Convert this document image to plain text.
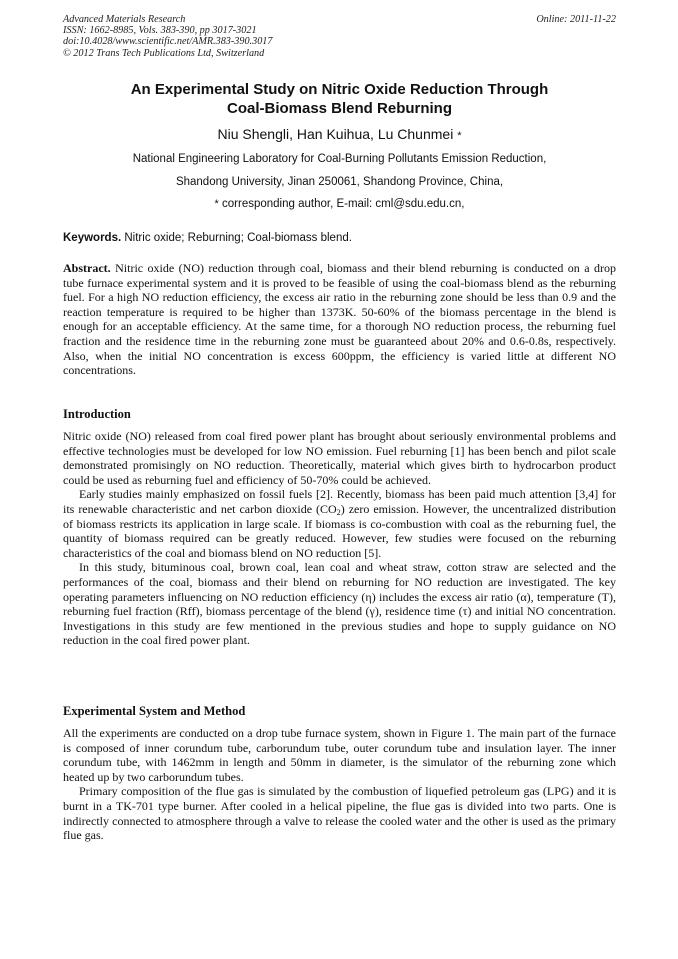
Advanced Materials Research
ISSN: 1662-8985, Vols. 383-390, pp 3017-3021
doi:10.4028/www.scientific.net/AMR.383-390.3017
© 2012 Trans Tech Publications Ltd, Switzerland
Online: 2011-11-22
An Experimental Study on Nitric Oxide Reduction Through
Coal-Biomass Blend Reburning
Niu Shengli, Han Kuihua, Lu Chunmei *
National Engineering Laboratory for Coal-Burning Pollutants Emission Reduction,
Shandong University, Jinan 250061, Shandong Province, China,
* corresponding author, E-mail: cml@sdu.edu.cn,
Keywords. Nitric oxide; Reburning; Coal-biomass blend.

Abstract. Nitric oxide (NO) reduction through coal, biomass and their blend reburning is conducted on a drop tube furnace experimental system and it is proved to be feasible of using the coal-biomass blend as the reburning fuel. For a high NO reduction efficiency, the excess air ratio in the reburning zone should be less than 0.9 and the reaction temperature is required to be higher than 1373K. 50-60% of the biomass percentage in the blend is enough for an acceptable efficiency. At the same time, for a thorough NO reduction process, the reburning fuel fraction and the residence time in the reburning zone must be guaranteed about 20% and 0.6-0.8s, respectively. Also, when the initial NO concentration is excess 600ppm, the efficiency is varied little at different NO concentrations.

Introduction

Nitric oxide (NO) released from coal fired power plant has brought about seriously environmental problems and effective technologies must be developed for low NO emission. Fuel reburning [1] has been bench and pilot scale demonstrated promisingly on NO reduction. Theoretically, material which gives birth to hydrocarbon product could be used as reburning fuel and efficiency of 50-70% could be achieved.

Early studies mainly emphasized on fossil fuels [2]. Recently, biomass has been paid much attention [3,4] for its renewable characteristic and net carbon dioxide $(CO_2)$ zero emission. However, the uncentralized distribution of biomass restricts its application in large scale. If biomass is co-combustion with coal as the reburning fuel, the quantity of biomass required can be greatly reduced. However, few studies were focused on the reburning characteristics of the coal and biomass blend on NO reduction [5].

In this study, bituminous coal, brown coal, lean coal and wheat straw, cotton straw are selected and the performances of the coal, biomass and their blend on reburning for NO reduction are investigated. The key operating parameters influencing on NO reduction efficiency (η) includes the excess air ratio (α), temperature (T), reburning fuel fraction (Rff), biomass percentage of the blend (γ), residence time (τ) and initial NO concentration. Investigations in this study are few mentioned in the previous studies and hope to supply guidance on NO reduction in the coal fired power plant.

Experimental System and Method

All the experiments are conducted on a drop tube furnace system, shown in Figure 1. The main part of the furnace is composed of inner corundum tube, carborundum tube, outer corundum tube and insulation layer. The inner corundum tube, with 1462mm in length and 50mm in diameter, is the simulator of the reburning zone which heated up by two carborundum tubes.

Primary composition of the flue gas is simulated by the combustion of liquefied petroleum gas (LPG) and it is burnt in a TK-701 type burner. After cooled in a helical pipeline, the flue gas is divided into two parts. One is indirectly connected to atmosphere through a valve to release the cooled water and the other is used as the primary flue gas.
